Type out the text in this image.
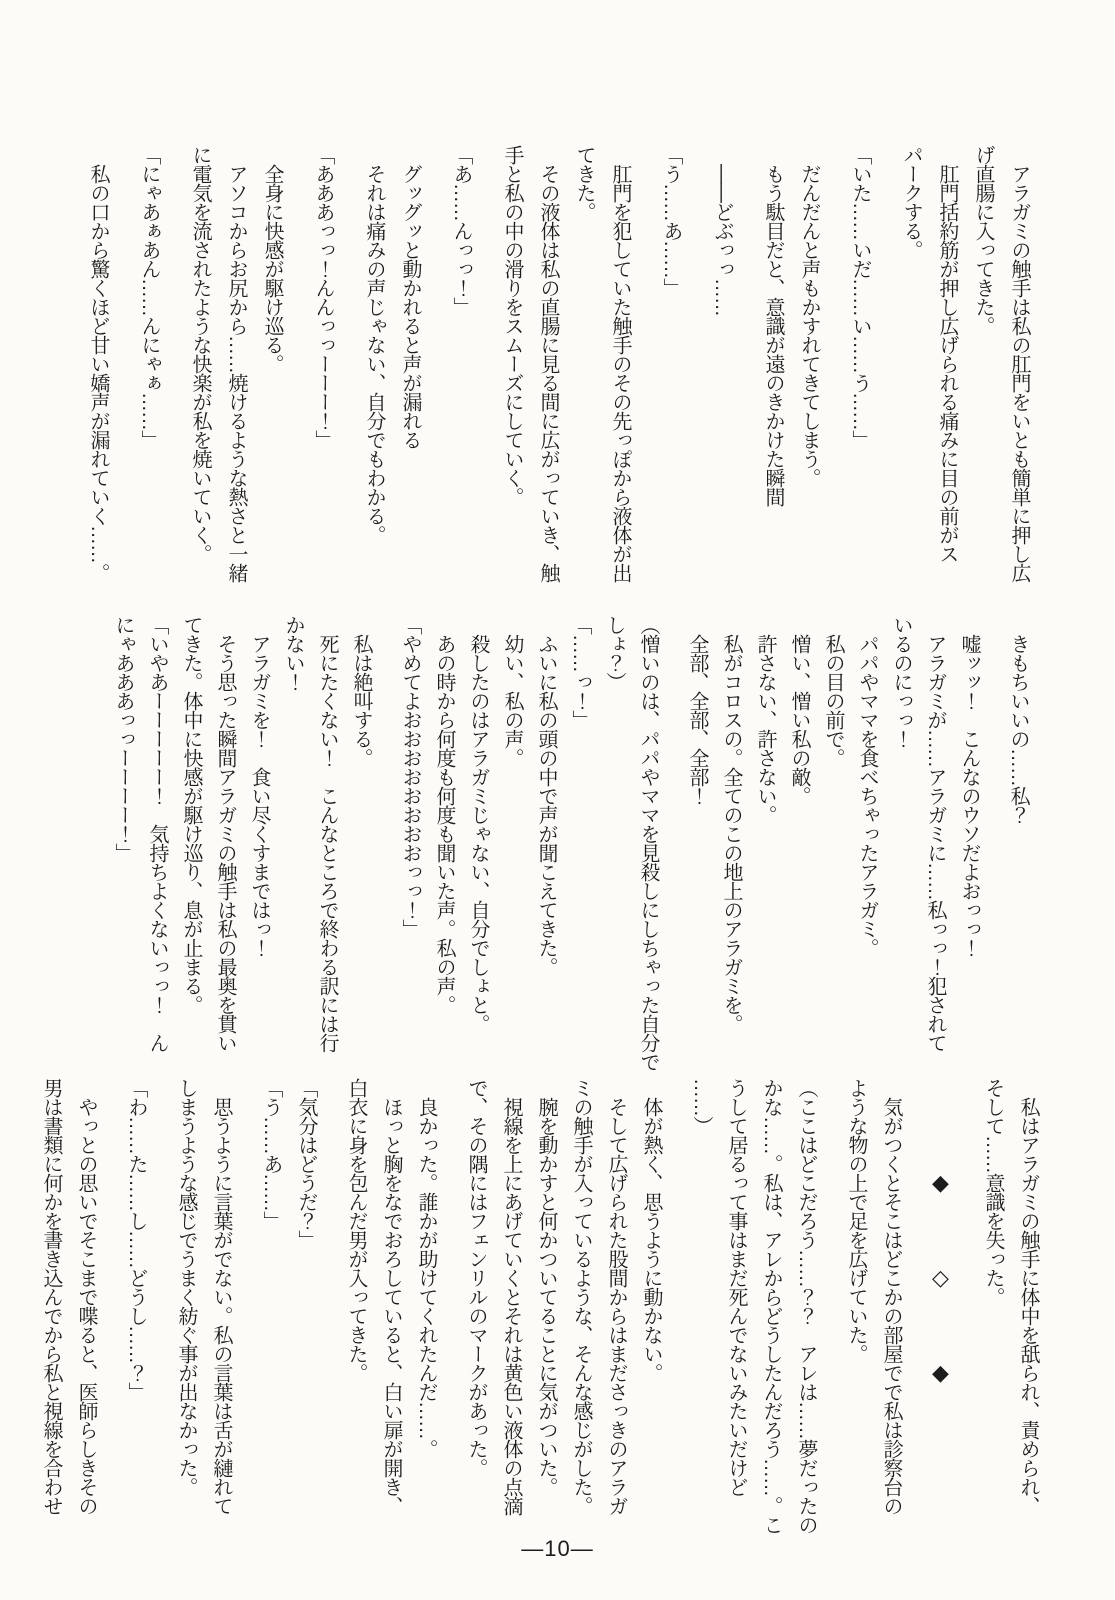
　アラガミの触手は私の肛門をいとも簡単に押し広

げ直腸に入ってきた。

　肛門括約筋が押し広げられる痛みに目の前がス

パークする。

「いた……いだ……い……う……」

　だんだんと声もかすれてきてしまう。

　もう駄目だと、意識が遠のきかけた瞬間

　――どぶっっ……

「う……あ……」

　肛門を犯していた触手のその先っぽから液体が出

てきた。

　その液体は私の直腸に見る間に広がっていき、触

手と私の中の滑りをスムーズにしていく。

「あ……んっっ！」

　グッグッと動かれると声が漏れる

　それは痛みの声じゃない、自分でもわかる。

「あああっっ！んんっっーーー！」

　全身に快感が駆け巡る。

　アソコからお尻から……焼けるような熱さと一緒

に電気を流されたような快楽が私を焼いていく。

「にゃあぁあん……んにゃぁ……」

　私の口から驚くほど甘い嬌声が漏れていく……。

　きもちいいの……私？

　嘘ッッ！　こんなのウソだよおっっ！

　アラガミが……アラガミに……私っっ！犯されて

いるのにっっ！

　パパやママを食べちゃったアラガミ。

　私の目の前で。

　憎い、憎い私の敵。

　許さない、許さない。

　私がコロスの。全てのこの地上のアラガミを。

　全部、全部、全部！

（憎いのは、パパやママを見殺しにしちゃった自分で

しょ？）

「……っ！」

　ふいに私の頭の中で声が聞こえてきた。

　幼い、私の声。

　殺したのはアラガミじゃない、自分でしょと。

　あの時から何度も何度も聞いた声。私の声。

「やめてよおおおおおおおおっっ！」

　私は絶叫する。

　死にたくない！　こんなところで終わる訳には行

かない！

　アラガミを！　食い尽くすまではっ！

　そう思った瞬間アラガミの触手は私の最奥を貫い

てきた。体中に快感が駆け巡り、息が止まる。

「いやあーーーーー！　気持ちよくないっっ！　ん

にゃあああっっーーーー！」

　私はアラガミの触手に体中を舐られ、責められ、

そして……意識を失った。

◆◇◆

　気がつくとそこはどこかの部屋でで私は診察台の

ような物の上で足を広げていた。

（ここはどこだろう……？？　アレは……夢だったの

かな……。私は、アレからどうしたんだろう……。こ

うして居るって事はまだ死んでないみたいだけど

……）

　体が熱く、思うように動かない。

　そして広げられた股間からはまださっきのアラガ

ミの触手が入っているような、そんな感じがした。

　腕を動かすと何かついてることに気がついた。

　視線を上にあげていくとそれは黄色い液体の点滴

で、その隅にはフェンリルのマークがあった。

　良かった。誰かが助けてくれたんだ……。

　ほっと胸をなでおろしていると、白い扉が開き、

白衣に身を包んだ男が入ってきた。

「気分はどうだ？」

「う……あ……」

　思うように言葉がでない。私の言葉は舌が縺れて

しまうような感じでうまく紡ぐ事が出なかった。

「わ……た……し……どうし……？」

　やっとの思いでそこまで喋ると、医師らしきその

男は書類に何かを書き込んでから私と視線を合わせ

—10—
